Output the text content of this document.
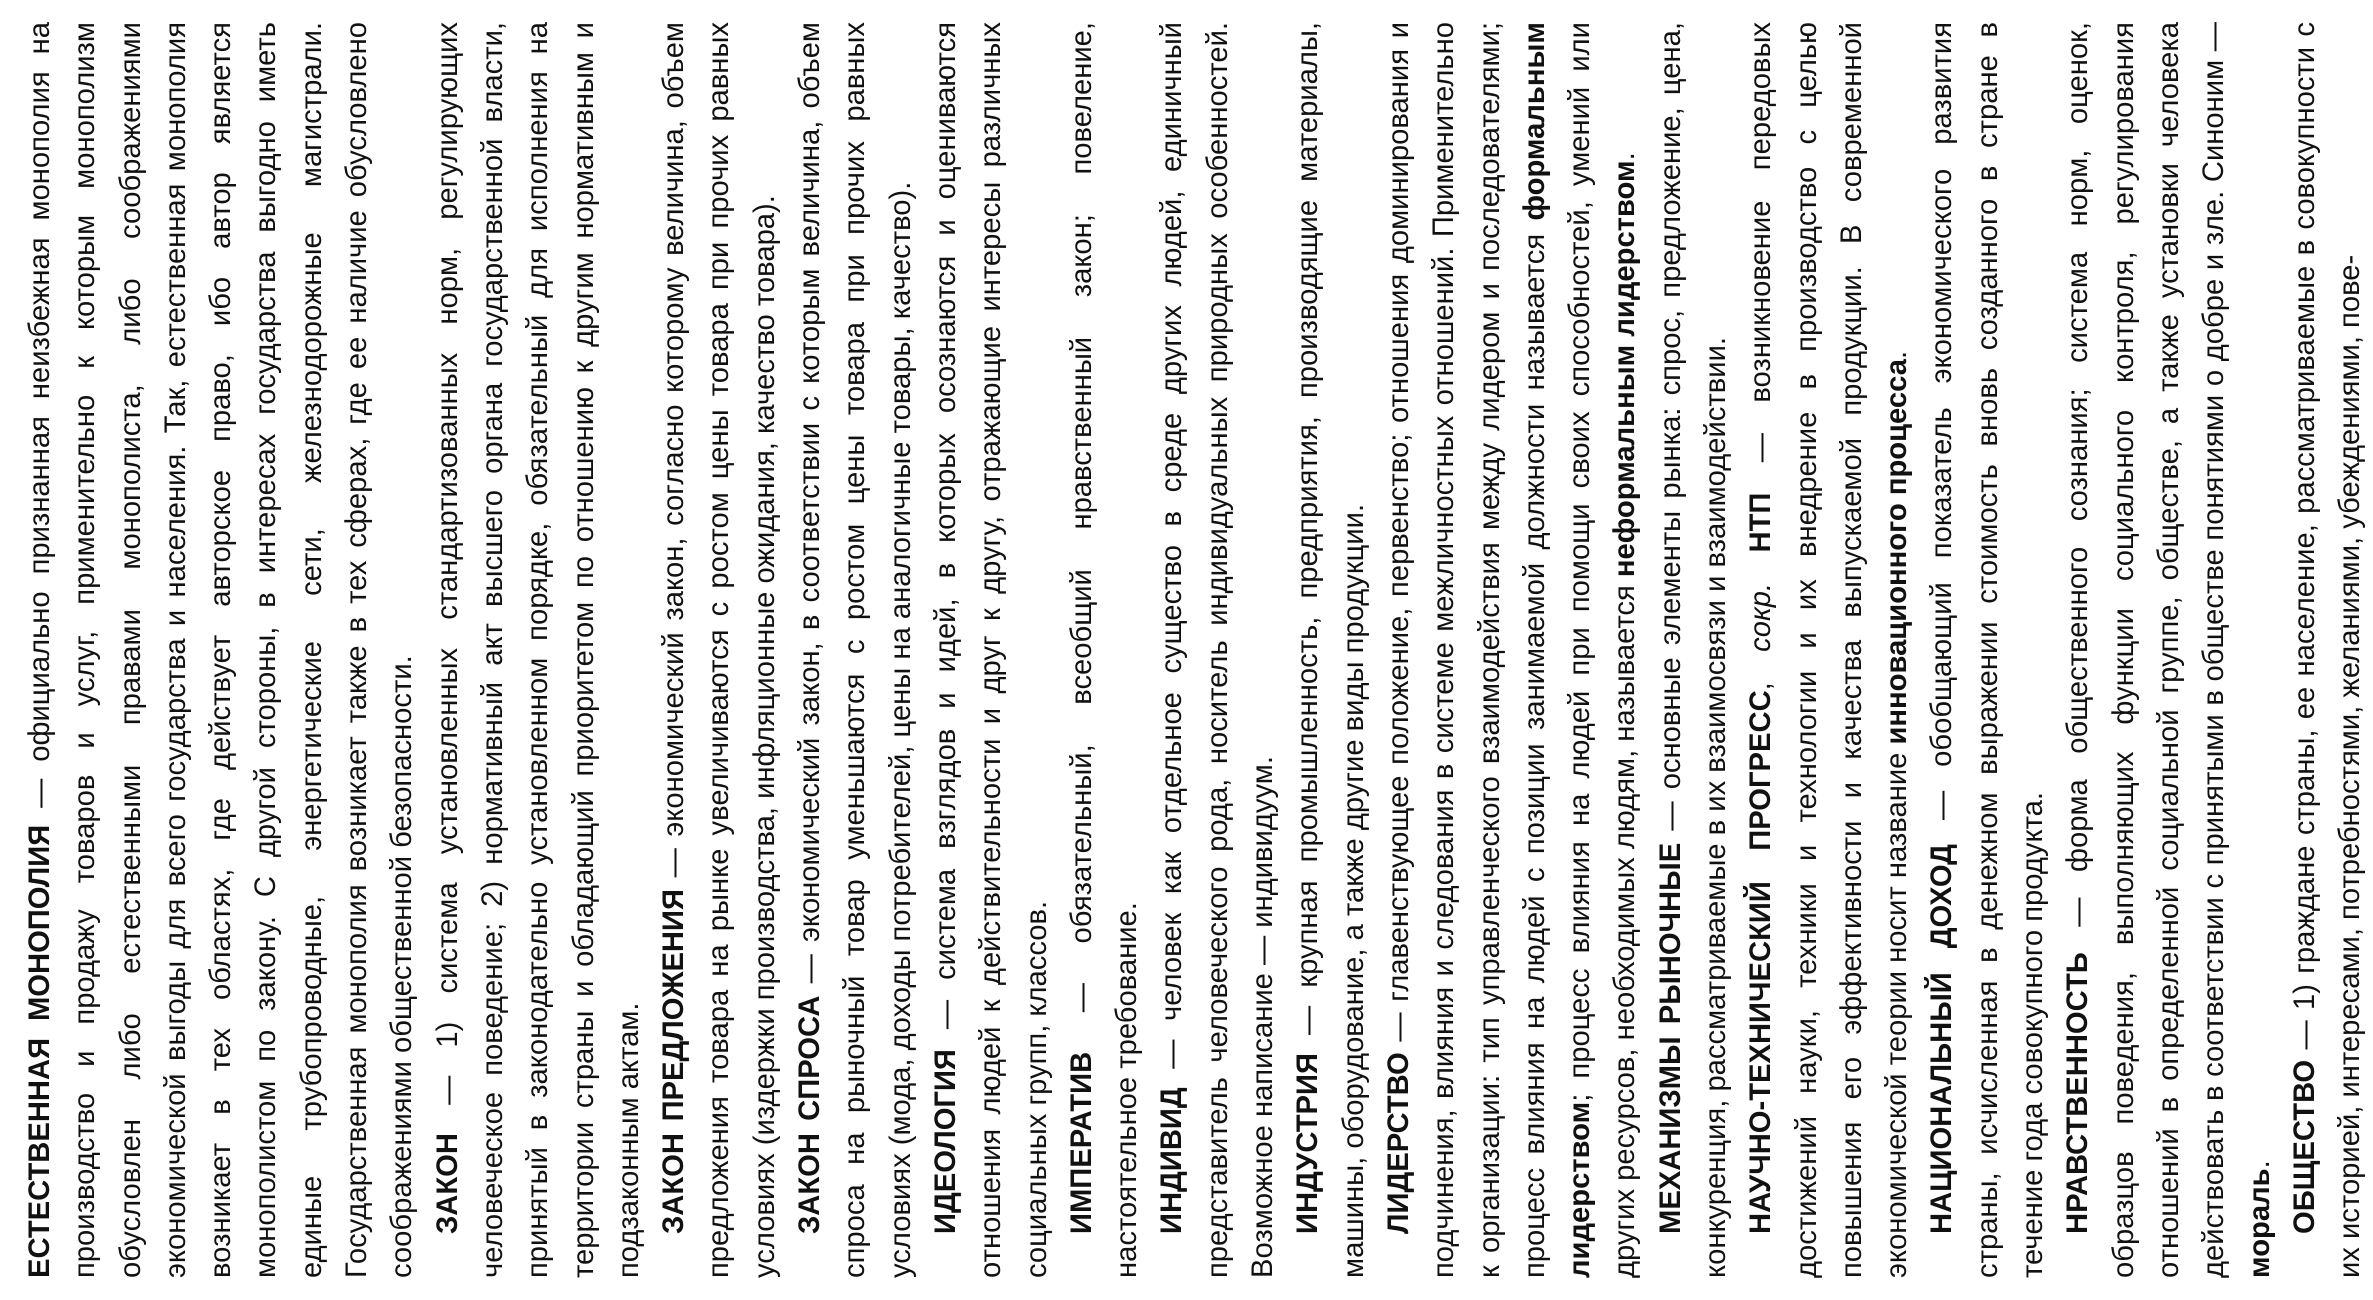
ЕСТЕСТВЕННАЯ МОНОПОЛИЯ — официально признанная неизбежная монополия на производство и продажу товаров и услуг, применительно к которым монополизм обусловлен либо естественными правами монополиста, либо соображениями экономической выгоды для всего государства и населения. Так, естественная монополия возникает в тех областях, где действует авторское право, ибо автор является монополистом по закону. С другой стороны, в интересах государства выгодно иметь единые трубопроводные, энергетические сети, железнодорожные магистрали. Государственная монополия возникает также в тех сферах, где ее наличие обусловлено соображениями общественной безопасности. ЗАКОН — 1) система установленных стандартизованных норм, регулирующих человеческое поведение; 2) нормативный акт высшего органа государственной власти, принятый в законодательно установленном порядке, обязательный для исполнения на территории страны и обладающий приоритетом по отношению к другим нормативным и подзаконным актам. ЗАКОН ПРЕДЛОЖЕНИЯ — экономический закон, согласно которому величина, объем предложения товара на рынке увеличиваются с ростом цены товара при прочих равных условиях (издержки производства, инфляционные ожидания, качество товара). ЗАКОН СПРОСА — экономический закон, в соответствии с которым величина, объем спроса на рыночный товар уменьшаются с ростом цены товара при прочих равных условиях (мода, доходы потребителей, цены на аналогичные товары, качество). ИДЕОЛОГИЯ — система взглядов и идей, в которых осознаются и оцениваются отношения людей к действительности и друг к другу, отражающие интересы различных социальных групп, классов. ИМПЕРАТИВ — обязательный, всеобщий нравственный закон; повеление, настоятельное требование. ИНДИВИД — человек как отдельное существо в среде других людей, единичный представитель человеческого рода, носитель индивидуальных природных особенностей. Возможное написание — индивидуум. ИНДУСТРИЯ — крупная промышленность, предприятия, производящие материалы, машины, оборудование, а также другие виды продукции. ЛИДЕРСТВО — главенствующее положение, первенство; отношения доминирования и подчинения, влияния и следования в системе межличностных отношений. Применительно к организации: тип управленческого взаимодействия между лидером и последователями; процесс влияния на людей с позиции занимаемой должности называется формальным лидерством; процесс влияния на людей при помощи своих способностей, умений или других ресурсов, необходимых людям, называется неформальным лидерством.

МЕХАНИЗМЫ РЫНОЧНЫЕ — основные элементы рынка: спрос, предложение, цена, конкуренция, рассматриваемые в их взаимосвязи и взаимодействии. НАУЧНО-ТЕХНИЧЕСКИЙ ПРОГРЕСС, сокр. НТП — возникновение передовых достижений науки, техники и технологии и их внедрение в производство с целью повышения его эффективности и качества выпускаемой продукции. В современной экономической теории носит название инновационного процесса.

НАЦИОНАЛЬНЫЙ ДОХОД — обобщающий показатель экономического развития страны, исчисленная в денежном выражении стоимость вновь созданного в стране в течение года совокупного продукта. НРАВСТВЕННОСТЬ — форма общественного сознания; система норм, оценок, образцов поведения, выполняющих функции социального контроля, регулирования отношений в определенной социальной группе, обществе, а также установки человека действовать в соответствии с принятыми в обществе понятиями о добре и зле. Синоним — мораль. ОБЩЕСТВО — 1) граждане страны, ее население, рассматриваемые в совокупности с их историей, интересами, потребностями, желаниями, убеждениями, пове-
